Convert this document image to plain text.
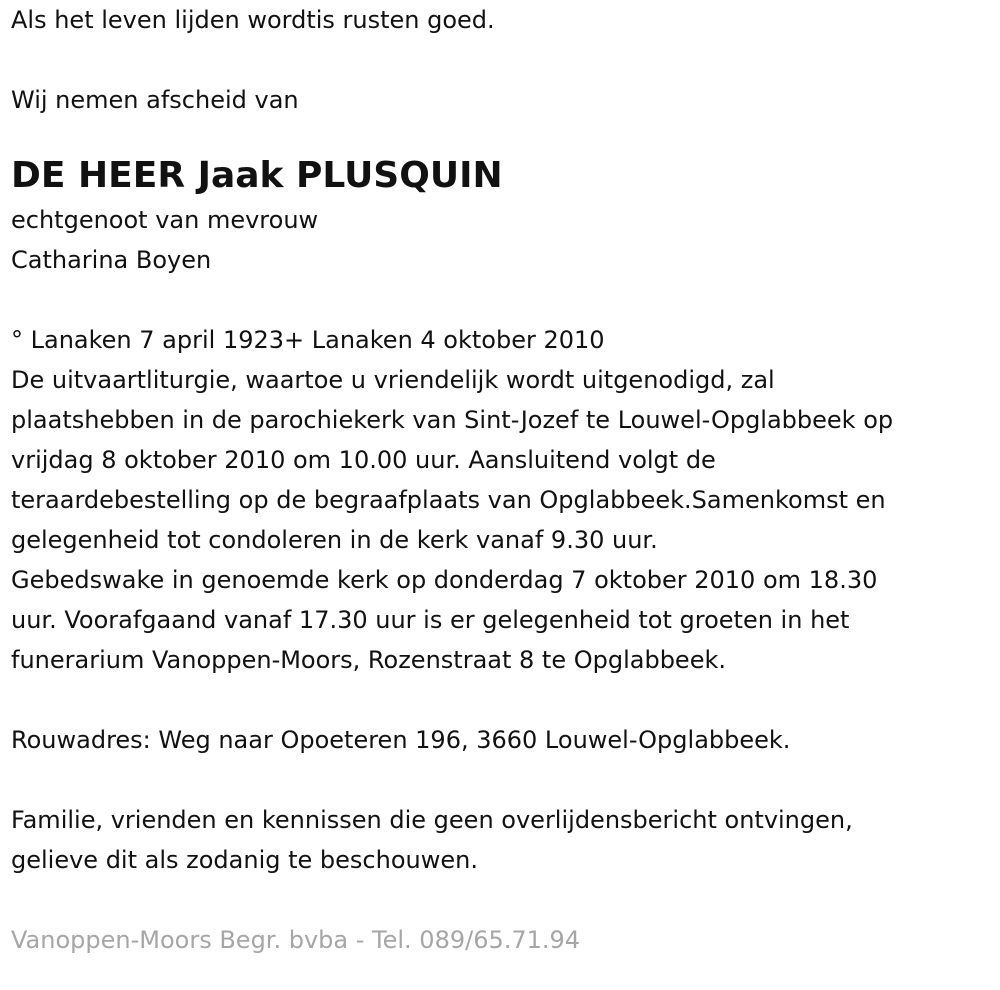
Als het leven lijden wordtis rusten goed.
Wij nemen afscheid van
DE HEER Jaak PLUSQUIN
echtgenoot van mevrouw
Catharina Boyen
° Lanaken 7 april 1923+ Lanaken 4 oktober 2010
De uitvaartliturgie, waartoe u vriendelijk wordt uitgenodigd, zal
plaatshebben in de parochiekerk van Sint-Jozef te Louwel-Opglabbeek op
vrijdag 8 oktober 2010 om 10.00 uur. Aansluitend volgt de
teraardebestelling op de begraafplaats van Opglabbeek.Samenkomst en
gelegenheid tot condoleren in de kerk vanaf 9.30 uur.
Gebedswake in genoemde kerk op donderdag 7 oktober 2010 om 18.30
uur. Voorafgaand vanaf 17.30 uur is er gelegenheid tot groeten in het
funerarium Vanoppen-Moors, Rozenstraat 8 te Opglabbeek.
Rouwadres: Weg naar Opoeteren 196, 3660 Louwel-Opglabbeek.
Familie, vrienden en kennissen die geen overlijdensbericht ontvingen,
gelieve dit als zodanig te beschouwen.
Vanoppen-Moors Begr. bvba - Tel. 089/65.71.94
